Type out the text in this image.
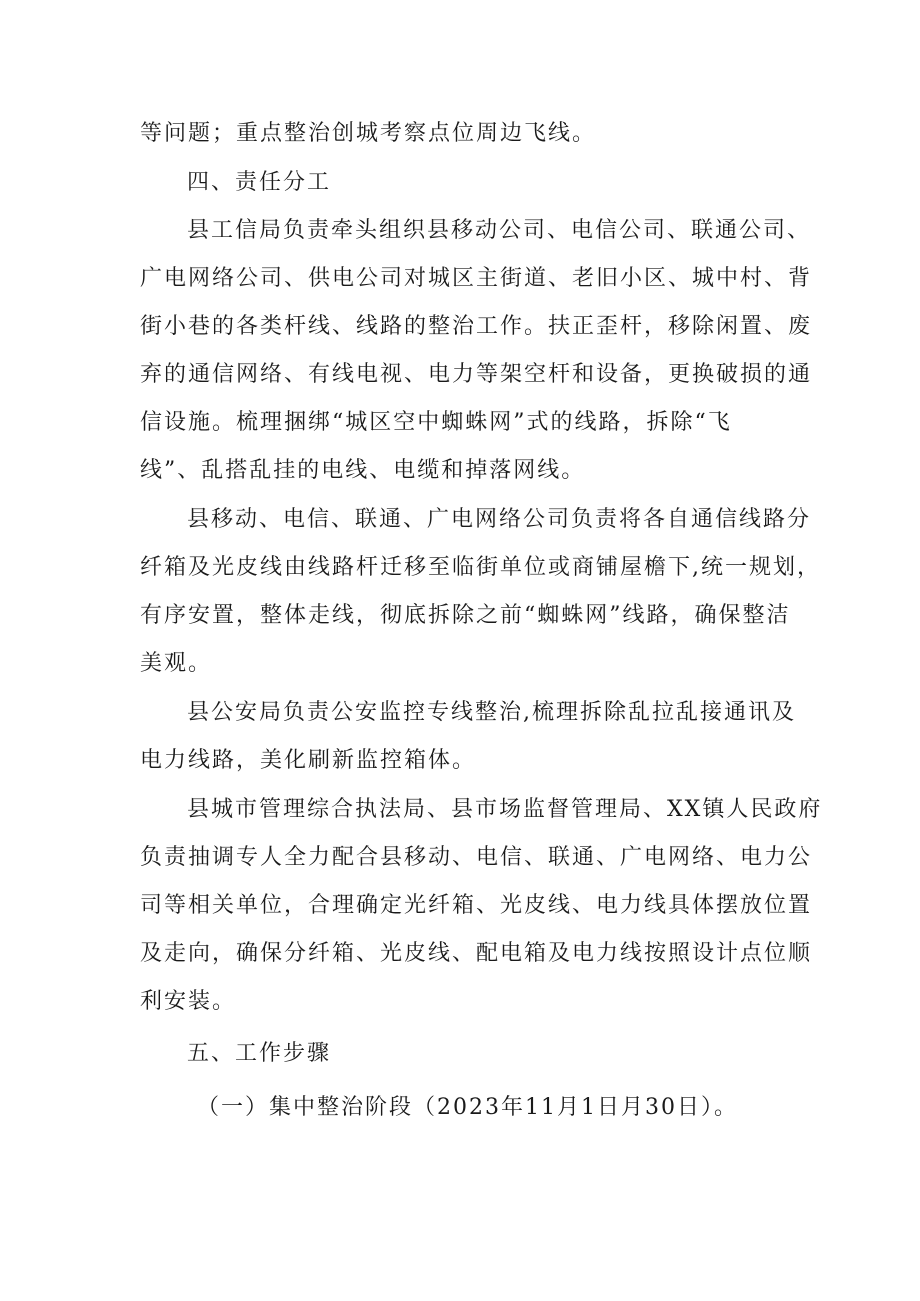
等问题；重点整治创城考察点位周边飞线。
四、责任分工
县工信局负责牵头组织县移动公司、电信公司、联通公司、
广电网络公司、供电公司对城区主街道、老旧小区、城中村、背
街小巷的各类杆线、线路的整治工作。扶正歪杆，移除闲置、废
弃的通信网络、有线电视、电力等架空杆和设备，更换破损的通
信设施。梳理捆绑“城区空中蜘蛛网”式的线路，拆除“飞
线”、乱搭乱挂的电线、电缆和掉落网线。
县移动、电信、联通、广电网络公司负责将各自通信线路分
纤箱及光皮线由线路杆迁移至临街单位或商铺屋檐下,统一规划，
有序安置，整体走线，彻底拆除之前“蜘蛛网”线路，确保整洁
美观。
县公安局负责公安监控专线整治,梳理拆除乱拉乱接通讯及
电力线路，美化刷新监控箱体。
县城市管理综合执法局、县市场监督管理局、XX镇人民政府
负责抽调专人全力配合县移动、电信、联通、广电网络、电力公
司等相关单位，合理确定光纤箱、光皮线、电力线具体摆放位置
及走向，确保分纤箱、光皮线、配电箱及电力线按照设计点位顺
利安装。
五、工作步骤
（一）集中整治阶段（2023年11月1日月30日）。
